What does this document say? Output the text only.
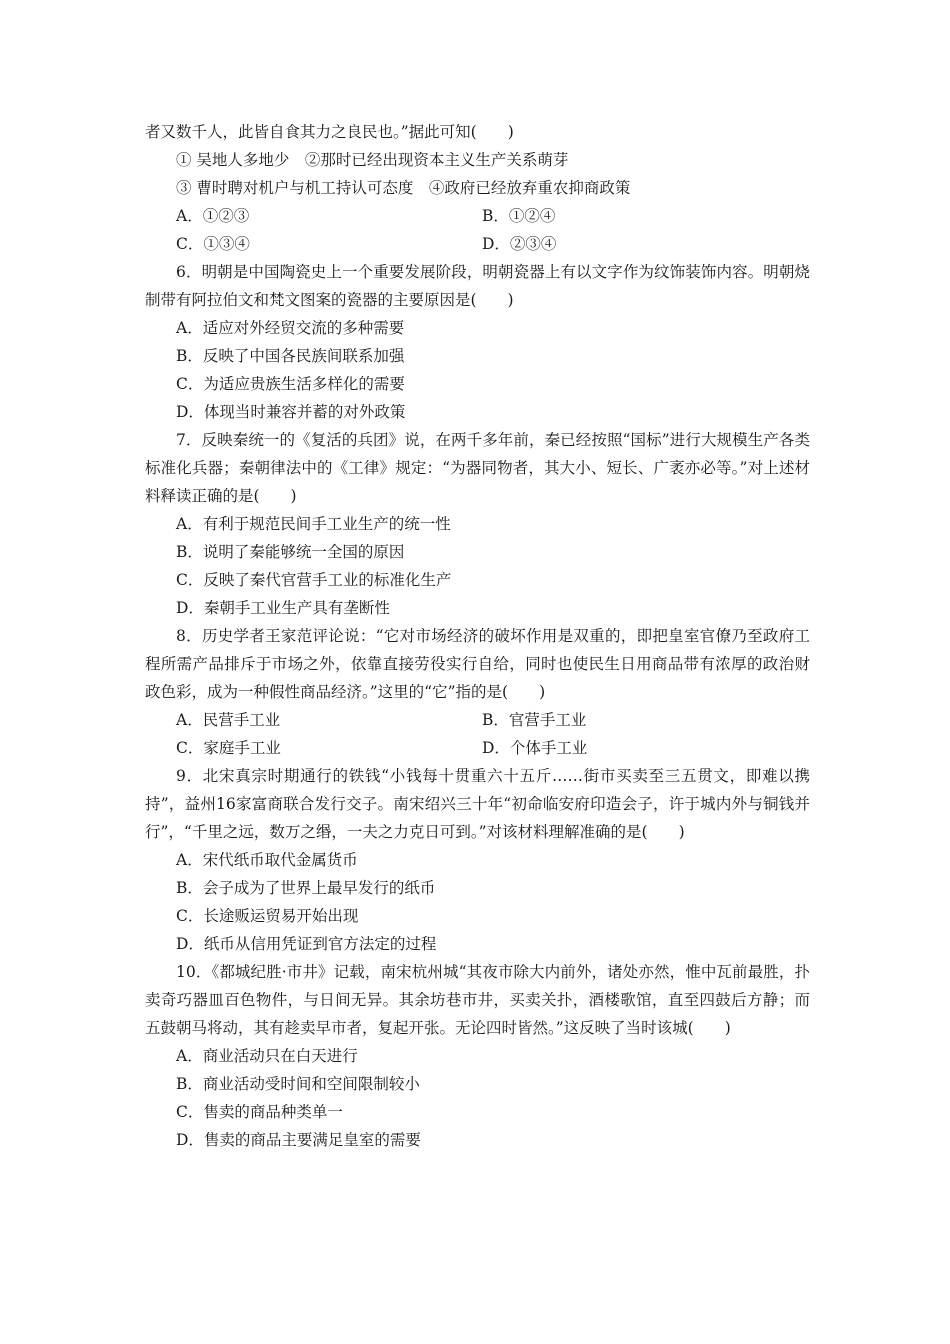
者又数千人，此皆自食其力之良民也。”据此可知(　　)
① 吴地人多地少　②那时已经出现资本主义生产关系萌芽
③ 曹时聘对机户与机工持认可态度　④政府已经放弃重农抑商政策
A．①②③	B．①②④
C．①③④	D．②③④
6．明朝是中国陶瓷史上一个重要发展阶段，明朝瓷器上有以文字作为纹饰装饰内容。明朝烧制带有阿拉伯文和梵文图案的瓷器的主要原因是(　　)
A．适应对外经贸交流的多种需要
B．反映了中国各民族间联系加强
C．为适应贵族生活多样化的需要
D．体现当时兼容并蓄的对外政策
7．反映秦统一的《复活的兵团》说，在两千多年前，秦已经按照“国标”进行大规模生产各类标准化兵器；秦朝律法中的《工律》规定：“为器同物者，其大小、短长、广袤亦必等。”对上述材料释读正确的是(　　)
A．有利于规范民间手工业生产的统一性
B．说明了秦能够统一全国的原因
C．反映了秦代官营手工业的标准化生产
D．秦朝手工业生产具有垄断性
8．历史学者王家范评论说：“它对市场经济的破坏作用是双重的，即把皇室官僚乃至政府工程所需产品排斥于市场之外，依靠直接劳役实行自给，同时也使民生日用商品带有浓厚的政治财政色彩，成为一种假性商品经济。”这里的“它”指的是(　　)
A．民营手工业	B．官营手工业
C．家庭手工业	D．个体手工业
9．北宋真宗时期通行的铁钱“小钱每十贯重六十五斤……街市买卖至三五贯文，即难以携持”，益州16家富商联合发行交子。南宋绍兴三十年“初命临安府印造会子，许于城内外与铜钱并行”，“千里之远，数万之缗，一夫之力克日可到。”对该材料理解准确的是(　　)
A．宋代纸币取代金属货币
B．会子成为了世界上最早发行的纸币
C．长途贩运贸易开始出现
D．纸币从信用凭证到官方法定的过程
10．《都城纪胜·市井》记载，南宋杭州城“其夜市除大内前外，诸处亦然，惟中瓦前最胜，扑卖奇巧器皿百色物件，与日间无异。其余坊巷市井，买卖关扑，酒楼歌馆，直至四鼓后方静；而五鼓朝马将动，其有趁卖早市者，复起开张。无论四时皆然。”这反映了当时该城(　　)
A．商业活动只在白天进行
B．商业活动受时间和空间限制较小
C．售卖的商品种类单一
D．售卖的商品主要满足皇室的需要
